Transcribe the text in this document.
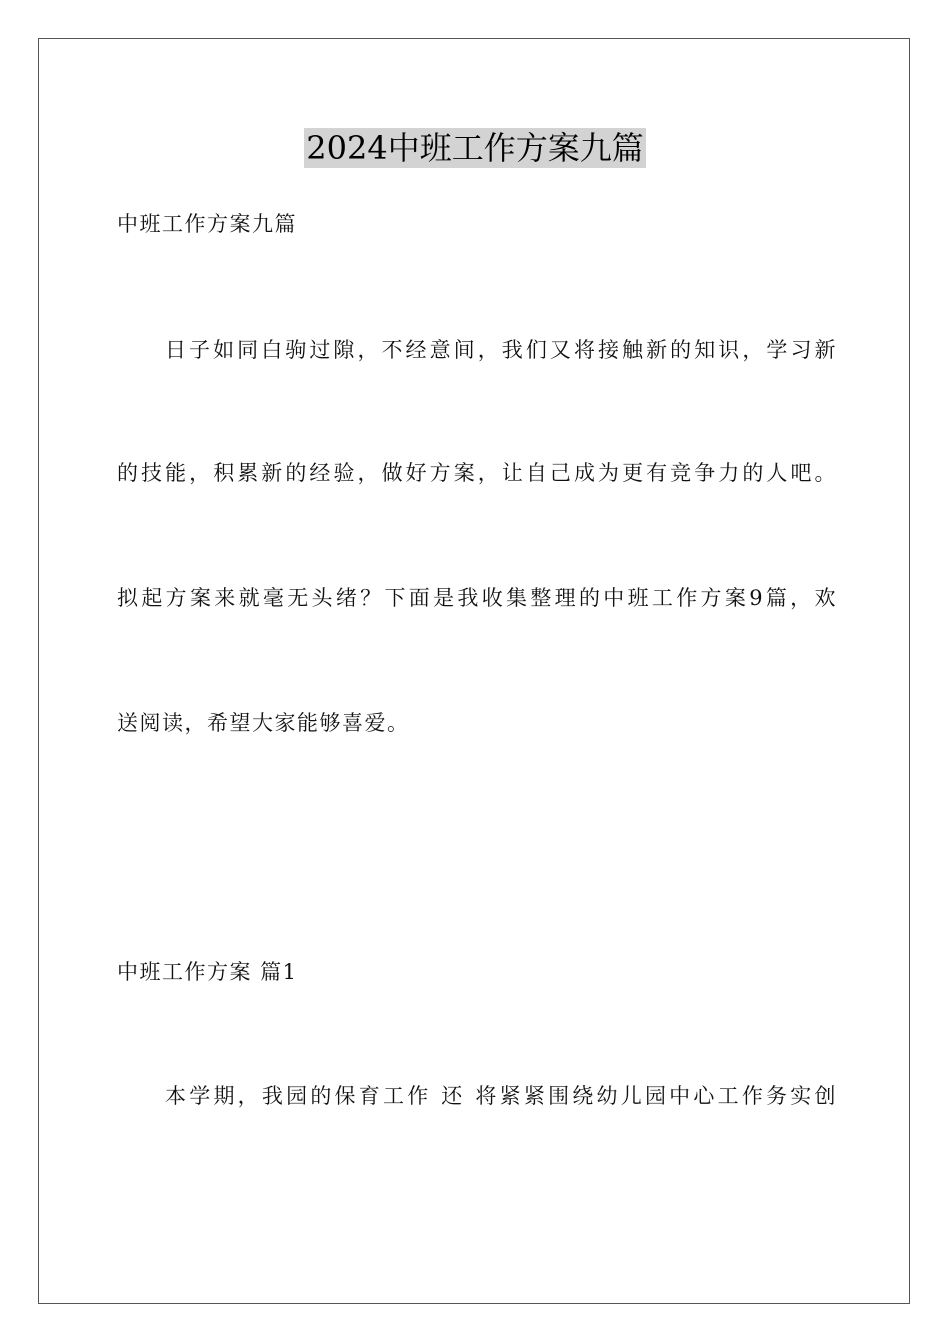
2024中班工作方案九篇
中班工作方案九篇
日子如同白驹过隙，不经意间，我们又将接触新的知识，学习新
的技能，积累新的经验，做好方案，让自己成为更有竞争力的人吧。
拟起方案来就毫无头绪？下面是我收集整理的中班工作方案9篇，欢
送阅读，希望大家能够喜爱。
中班工作方案 篇1
本学期，我园的保育工作 还 将紧紧围绕幼儿园中心工作务实创
